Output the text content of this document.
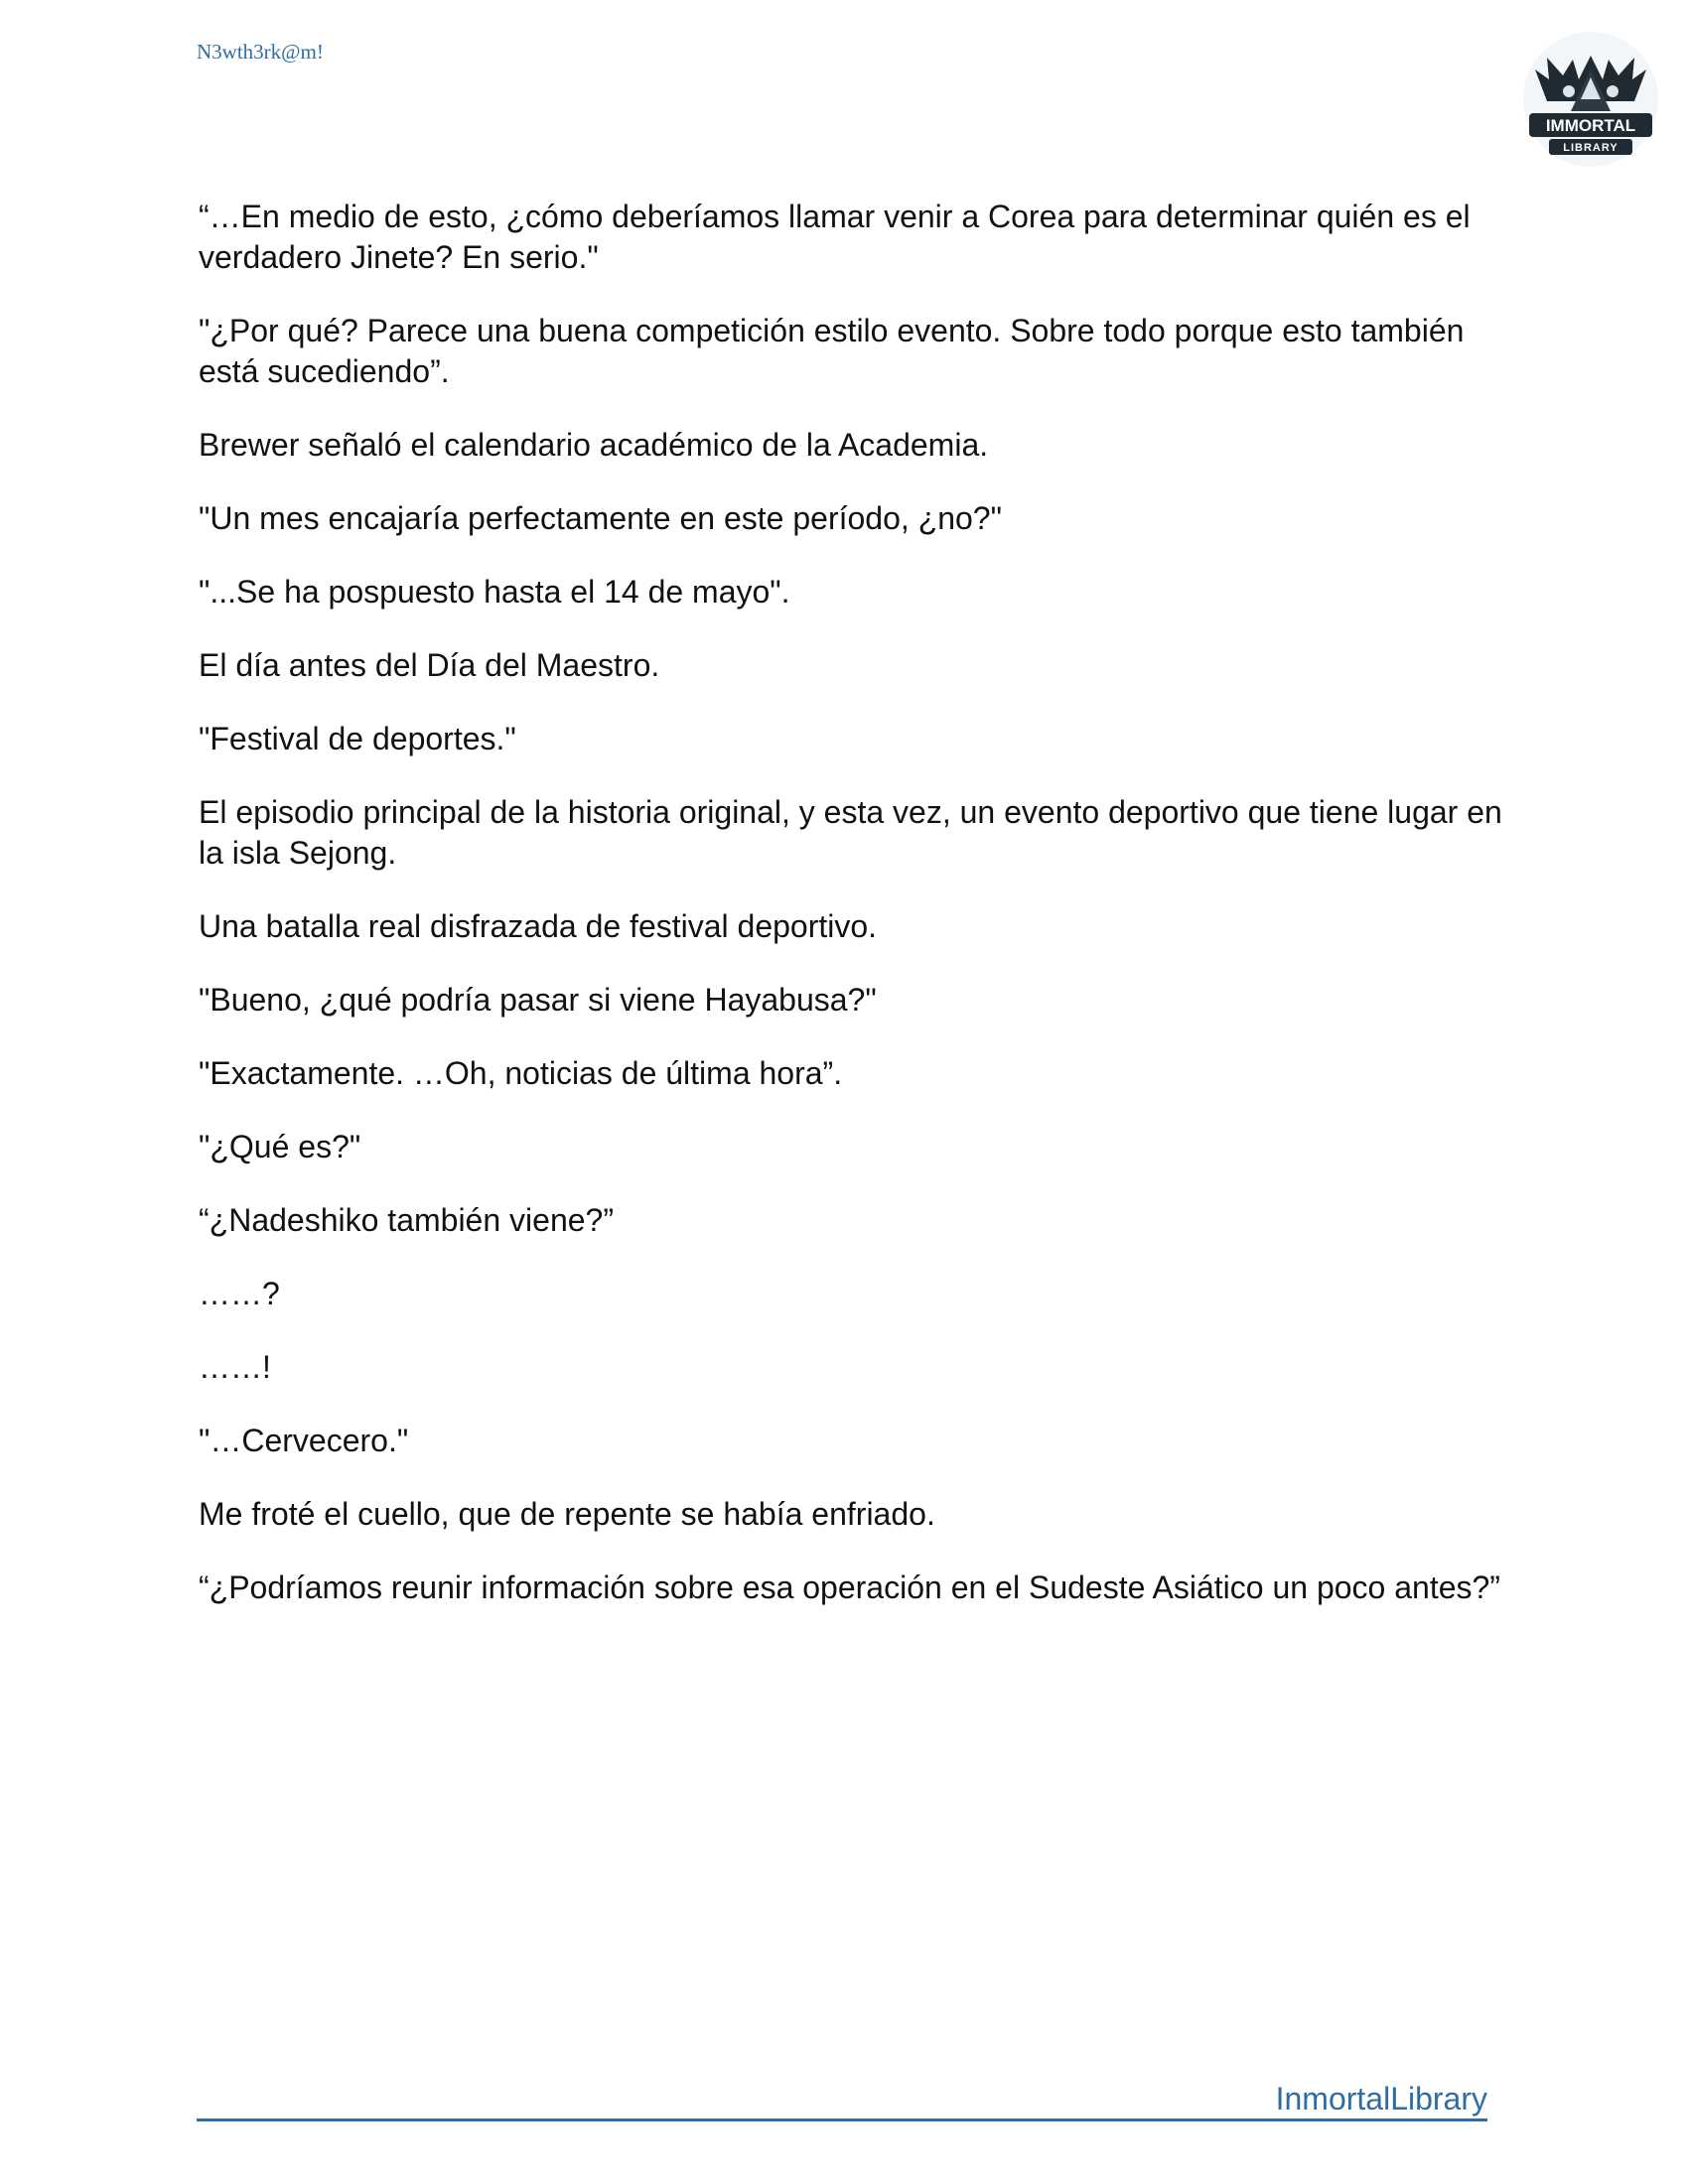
N3wth3rk@m!
IMMORTAL
LIBRARY

“…En medio de esto, ¿cómo deberíamos llamar venir a Corea para determinar quién es el verdadero Jinete? En serio."

"¿Por qué? Parece una buena competición estilo evento. Sobre todo porque esto también está sucediendo”.

Brewer señaló el calendario académico de la Academia.

"Un mes encajaría perfectamente en este período, ¿no?"

"...Se ha pospuesto hasta el 14 de mayo".

El día antes del Día del Maestro.

"Festival de deportes."

El episodio principal de la historia original, y esta vez, un evento deportivo que tiene lugar en la isla Sejong.

Una batalla real disfrazada de festival deportivo.

"Bueno, ¿qué podría pasar si viene Hayabusa?"

"Exactamente. …Oh, noticias de última hora”.

"¿Qué es?"

“¿Nadeshiko también viene?”

……?

……!

"…Cervecero."

Me froté el cuello, que de repente se había enfriado.

“¿Podríamos reunir información sobre esa operación en el Sudeste Asiático un poco antes?”

InmortalLibrary
